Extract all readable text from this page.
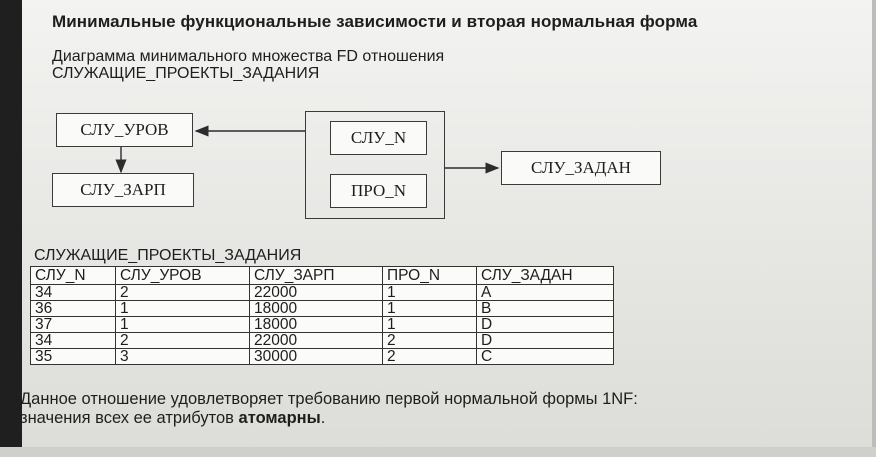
Минимальные функциональные зависимости и вторая нормальная форма
Диаграмма минимального множества FD отношения
СЛУЖАЩИЕ_ПРОЕКТЫ_ЗАДАНИЯ
СЛУ_УРОВ
СЛУ_ЗАРП
СЛУ_N
ПРО_N
СЛУ_ЗАДАН
СЛУЖАЩИЕ_ПРОЕКТЫ_ЗАДАНИЯ
СЛУ_N	СЛУ_УРОВ	СЛУ_ЗАРП	ПРО_N	СЛУ_ЗАДАН
34	2	22000	1	A
36	1	18000	1	B
37	1	18000	1	D
34	2	22000	2	D
35	3	30000	2	C
Данное отношение удовлетворяет требованию первой нормальной формы 1NF:
значения всех ее атрибутов атомарны.
